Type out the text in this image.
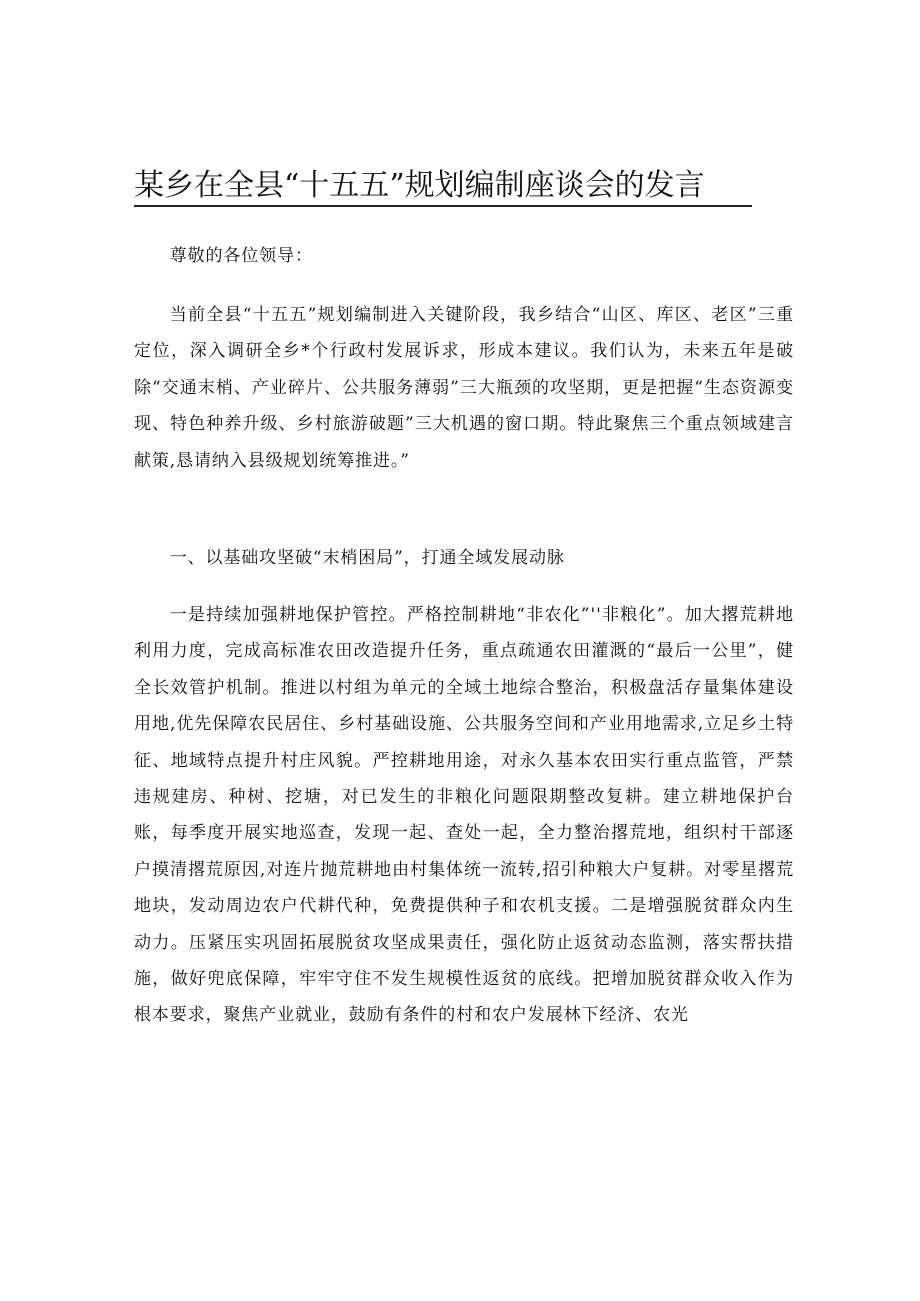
某乡在全县“十五五”规划编制座谈会的发言

尊敬的各位领导：

当前全县“十五五”规划编制进入关键阶段，我乡结合“山区、库区、老区”三重定位，深入调研全乡*个行政村发展诉求，形成本建议。我们认为，未来五年是破除“交通末梢、产业碎片、公共服务薄弱”三大瓶颈的攻坚期，更是把握“生态资源变现、特色种养升级、乡村旅游破题”三大机遇的窗口期。特此聚焦三个重点领域建言献策,恳请纳入县级规划统筹推进。”

一、以基础攻坚破“末梢困局”，打通全域发展动脉

一是持续加强耕地保护管控。严格控制耕地“非农化”''非粮化”。加大撂荒耕地利用力度，完成高标准农田改造提升任务，重点疏通农田灌溉的“最后一公里”，健全长效管护机制。推进以村组为单元的全域土地综合整治，积极盘活存量集体建设用地,优先保障农民居住、乡村基础设施、公共服务空间和产业用地需求,立足乡土特征、地域特点提升村庄风貌。严控耕地用途，对永久基本农田实行重点监管，严禁违规建房、种树、挖塘，对已发生的非粮化问题限期整改复耕。建立耕地保护台账，每季度开展实地巡查，发现一起、查处一起，全力整治撂荒地，组织村干部逐户摸清撂荒原因,对连片抛荒耕地由村集体统一流转,招引种粮大户复耕。对零星撂荒地块，发动周边农户代耕代种，免费提供种子和农机支援。二是增强脱贫群众内生动力。压紧压实巩固拓展脱贫攻坚成果责任，强化防止返贫动态监测，落实帮扶措施，做好兜底保障，牢牢守住不发生规模性返贫的底线。把增加脱贫群众收入作为根本要求，聚焦产业就业，鼓励有条件的村和农户发展林下经济、农光
